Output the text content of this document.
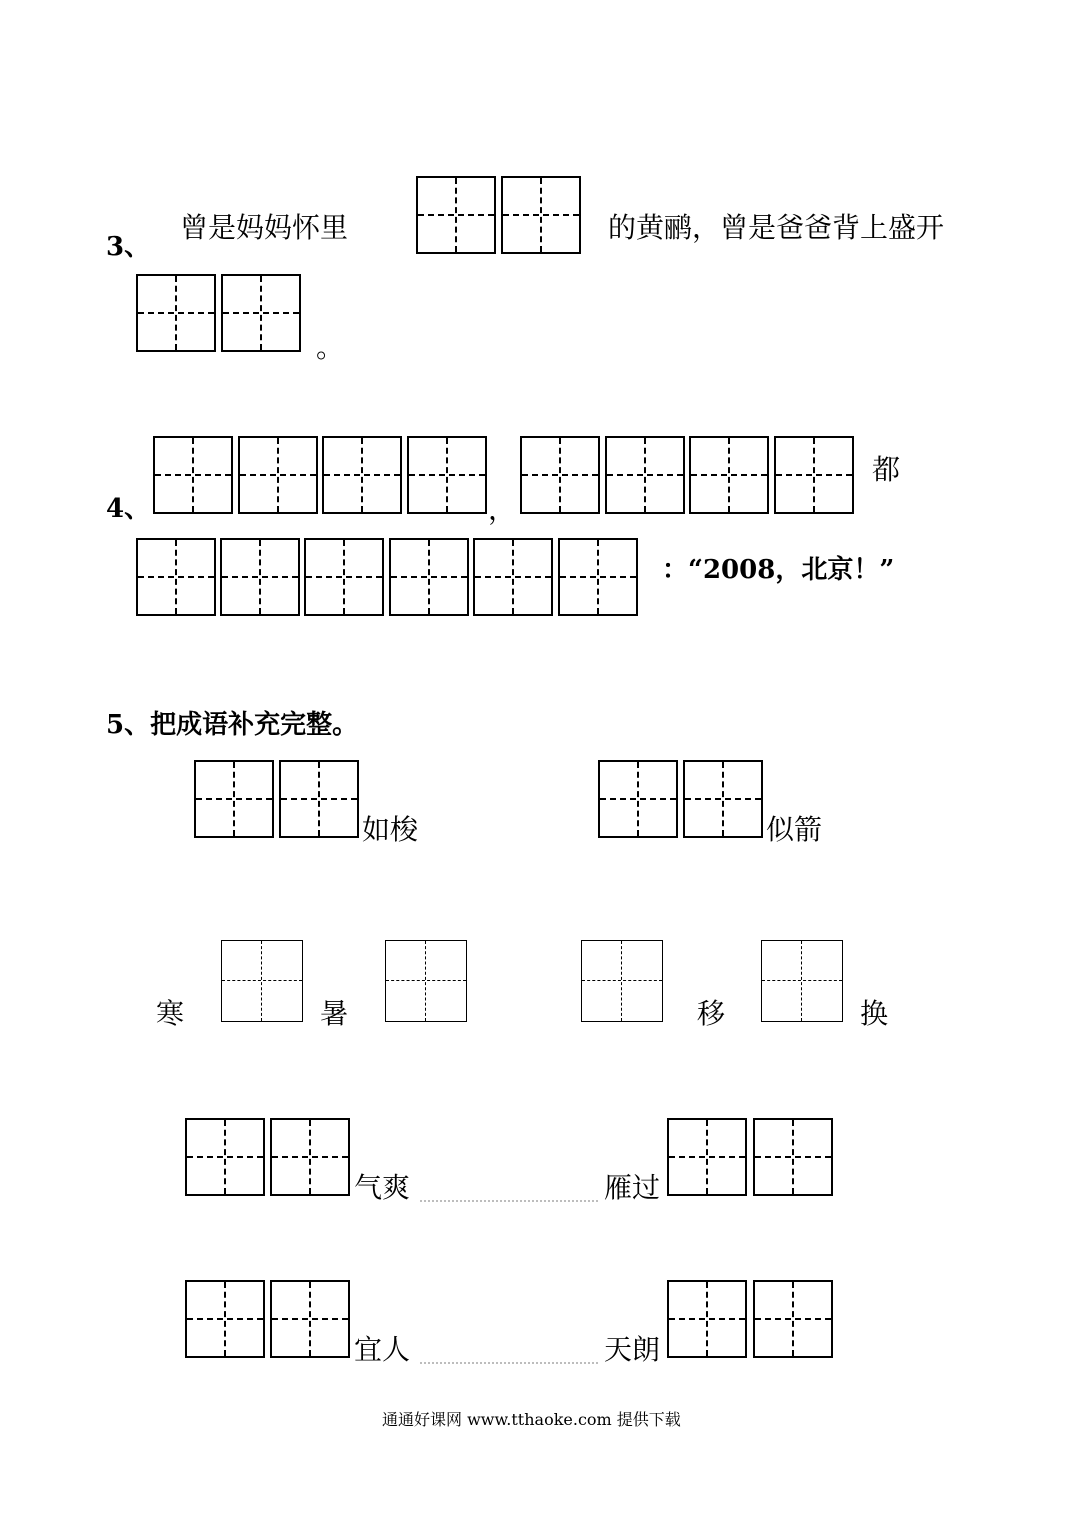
3、
曾是妈妈怀里	的黄鹂，曾是爸爸背上盛开
。
4、	，
都
：“2008，北京！”
5、把成语补充完整。
如梭	似箭
寒	暑	移	换
气爽	雁过
宜人	天朗
通通好课网 www.tthaoke.com 提供下载
